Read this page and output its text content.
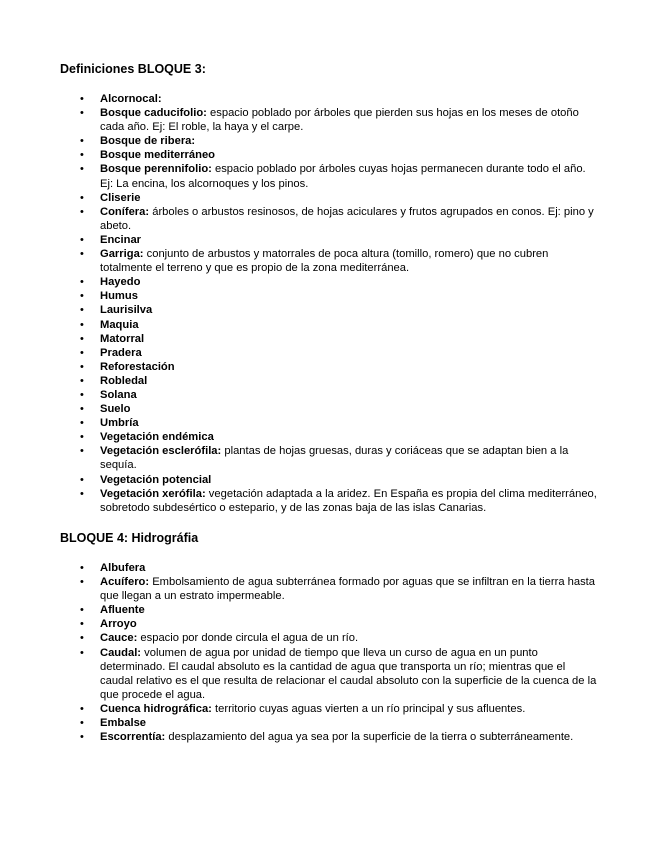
Definiciones BLOQUE 3:
• Alcornocal:
• Bosque caducifolio: espacio poblado por árboles que pierden sus hojas en los meses de otoño cada año. Ej: El roble, la haya y el carpe.
• Bosque de ribera:
• Bosque mediterráneo
• Bosque perennifolio: espacio poblado por árboles cuyas hojas permanecen durante todo el año. Ej: La encina, los alcornoques y los pinos.
• Cliserie
• Conífera: árboles o arbustos resinosos, de hojas aciculares y frutos agrupados en conos. Ej: pino y abeto.
• Encinar
• Garriga: conjunto de arbustos y matorrales de poca altura (tomillo, romero) que no cubren totalmente el terreno y que es propio de la zona mediterránea.
• Hayedo
• Humus
• Laurisilva
• Maquia
• Matorral
• Pradera
• Reforestación
• Robledal
• Solana
• Suelo
• Umbría
• Vegetación endémica
• Vegetación esclerófila: plantas de hojas gruesas, duras y coriáceas que se adaptan bien a la sequía.
• Vegetación potencial
• Vegetación xerófila: vegetación adaptada a la aridez. En España es propia del clima mediterráneo, sobretodo subdesértico o estepario, y de las zonas baja de las islas Canarias.
BLOQUE 4: Hidrográfia
• Albufera
• Acuífero: Embolsamiento de agua subterránea formado por aguas que se infiltran en la tierra hasta que llegan a un estrato impermeable.
• Afluente
• Arroyo
• Cauce: espacio por donde circula el agua de un río.
• Caudal: volumen de agua por unidad de tiempo que lleva un curso de agua en un punto determinado. El caudal absoluto es la cantidad de agua que transporta un río; mientras que el caudal relativo es el que resulta de relacionar el caudal absoluto con la superficie de la cuenca de la que procede el agua.
• Cuenca hidrográfica: territorio cuyas aguas vierten a un río principal y sus afluentes.
• Embalse
• Escorrentía: desplazamiento del agua ya sea por la superficie de la tierra o subterráneamente.
